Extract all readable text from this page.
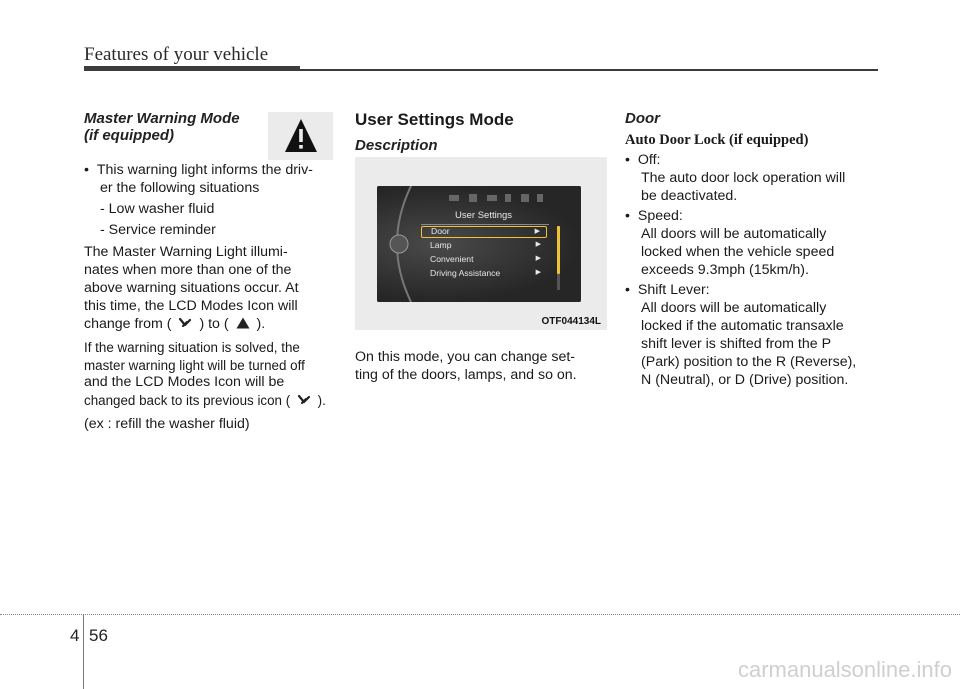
Features of your vehicle
Master Warning Mode
(if equipped)
•  This warning light informs the driv-
er the following situations
- Low washer fluid
- Service reminder
The Master Warning Light illumi-
nates when more than one of the
above warning situations occur. At
this time, the LCD Modes Icon will
change from ( ) to ( ).
If the warning situation is solved, the
master warning light will be turned off
and the LCD Modes Icon will be
changed back to its previous icon ( ).
(ex : refill the washer fluid)
User Settings Mode
Description
User Settings
Door	▶
Lamp	▶
Convenient	▶
Driving Assistance	▶
OTF044134L
On this mode, you can change set-
ting of the doors, lamps, and so on.
Door
Auto Door Lock (if equipped)
•  Off:
The auto door lock operation will
be deactivated.
•  Speed:
All doors will be automatically
locked when the vehicle speed
exceeds 9.3mph (15km/h).
•  Shift Lever:
All doors will be automatically
locked if the automatic transaxle
shift lever is shifted from the P
(Park) position to the R (Reverse),
N (Neutral), or D (Drive) position.
4 56
carmanualsonline.info
